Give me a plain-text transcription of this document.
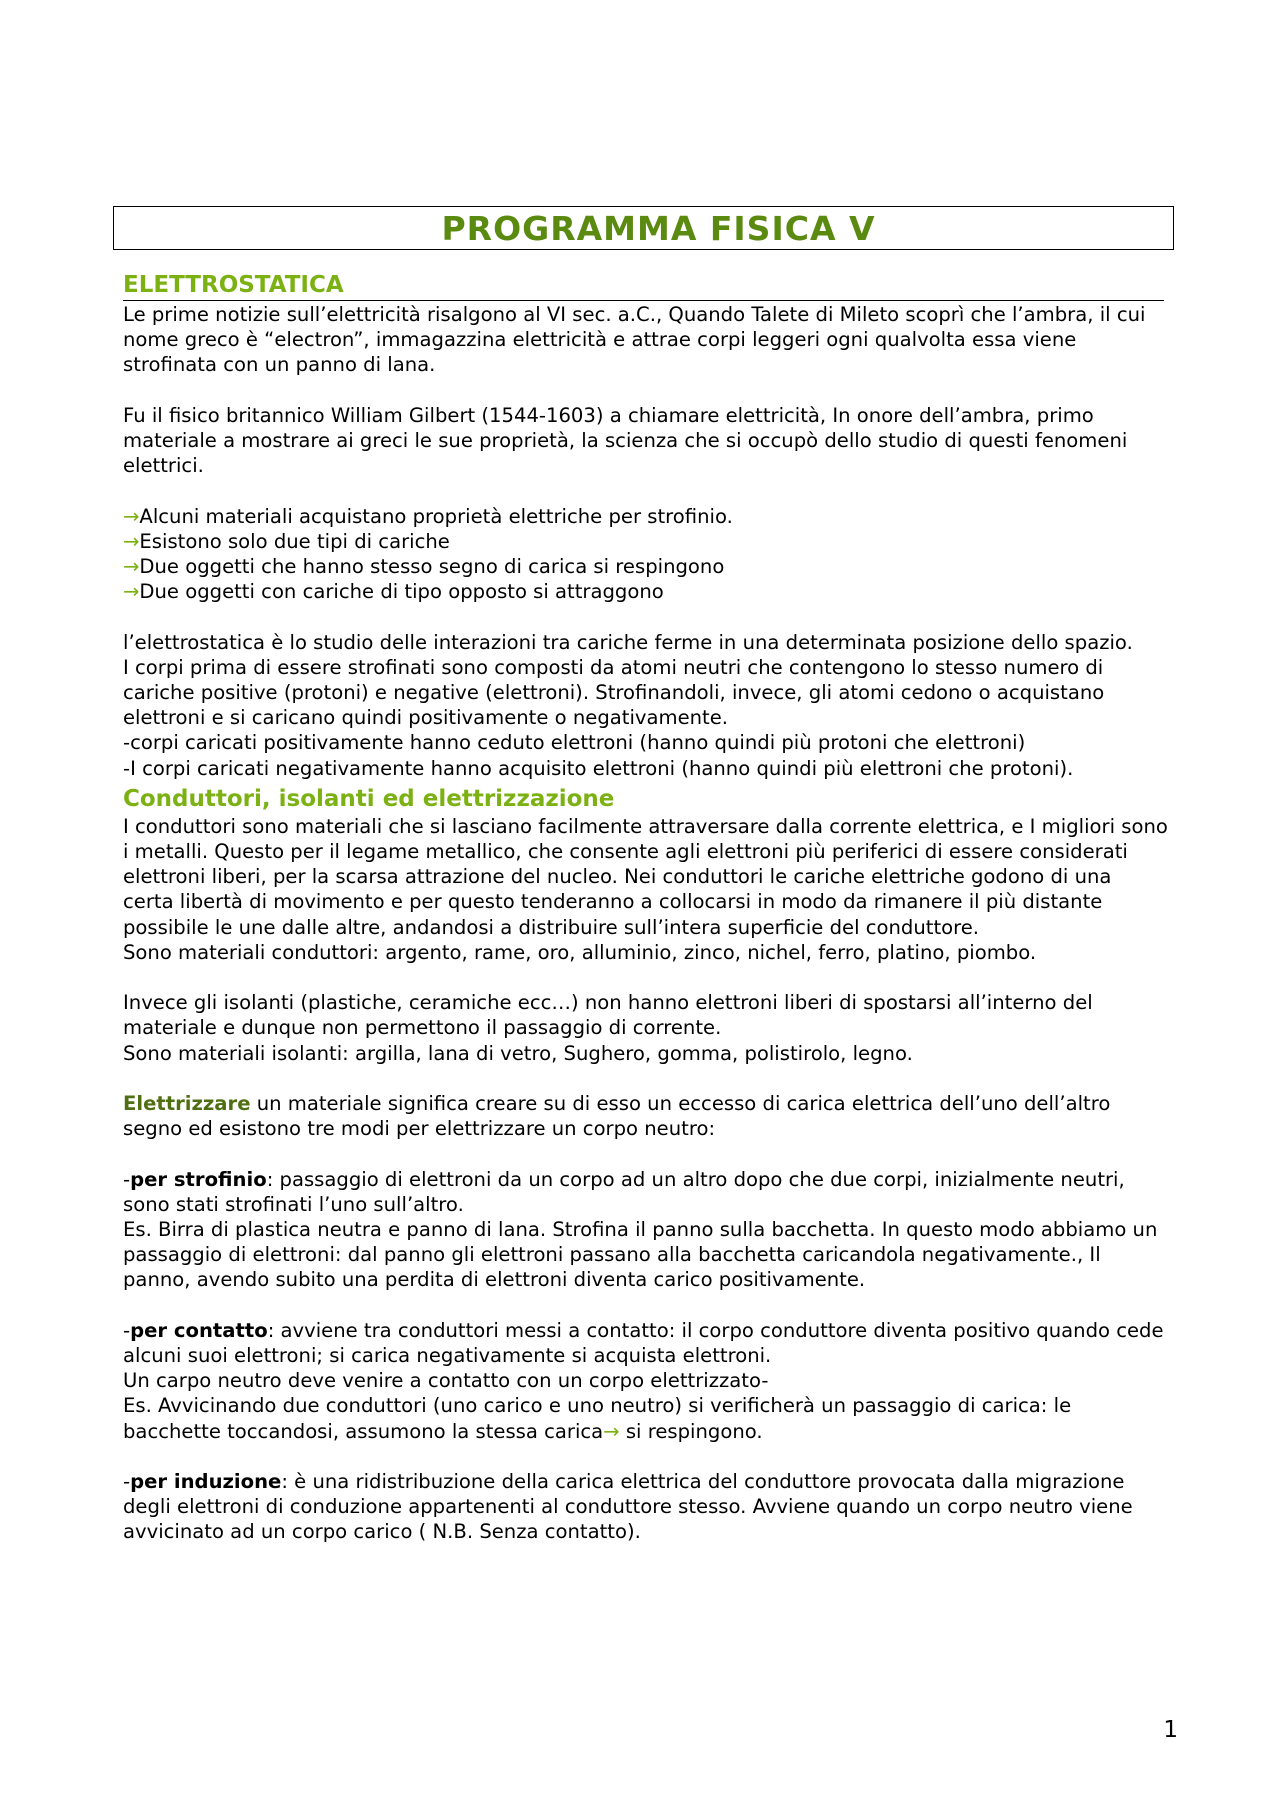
PROGRAMMA FISICA V
ELETTROSTATICA

Le prime notizie sull’elettricità risalgono al VI sec. a.C., Quando Talete di Mileto scoprì che l’ambra, il cui nome greco è “electron”, immagazzina elettricità e attrae corpi leggeri ogni qualvolta essa viene strofinata con un panno di lana.

Fu il fisico britannico William Gilbert (1544-1603) a chiamare elettricità, In onore dell’ambra, primo materiale a mostrare ai greci le sue proprietà, la scienza che si occupò dello studio di questi fenomeni elettrici.

→Alcuni materiali acquistano proprietà elettriche per strofinio.

→Esistono solo due tipi di cariche

→Due oggetti che hanno stesso segno di carica si respingono

→Due oggetti con cariche di tipo opposto si attraggono

l’elettrostatica è lo studio delle interazioni tra cariche ferme in una determinata posizione dello spazio.

I corpi prima di essere strofinati sono composti da atomi neutri che contengono lo stesso numero di cariche positive (protoni) e negative (elettroni). Strofinandoli, invece, gli atomi cedono o acquistano elettroni e si caricano quindi positivamente o negativamente.

-corpi caricati positivamente hanno ceduto elettroni (hanno quindi più protoni che elettroni)

-I corpi caricati negativamente hanno acquisito elettroni (hanno quindi più elettroni che protoni).

Conduttori, isolanti ed elettrizzazione

I conduttori sono materiali che si lasciano facilmente attraversare dalla corrente elettrica, e I migliori sono i metalli. Questo per il legame metallico, che consente agli elettroni più periferici di essere considerati elettroni liberi, per la scarsa attrazione del nucleo. Nei conduttori le cariche elettriche godono di una certa libertà di movimento e per questo tenderanno a collocarsi in modo da rimanere il più distante possibile le une dalle altre, andandosi a distribuire sull’intera superficie del conduttore.

Sono materiali conduttori: argento, rame, oro, alluminio, zinco, nichel, ferro, platino, piombo.

Invece gli isolanti (plastiche, ceramiche ecc…) non hanno elettroni liberi di spostarsi all’interno del materiale e dunque non permettono il passaggio di corrente.

Sono materiali isolanti: argilla, lana di vetro, Sughero, gomma, polistirolo, legno.

Elettrizzare un materiale significa creare su di esso un eccesso di carica elettrica dell’uno dell’altro segno ed esistono tre modi per elettrizzare un corpo neutro:

-per strofinio: passaggio di elettroni da un corpo ad un altro dopo che due corpi, inizialmente neutri, sono stati strofinati l’uno sull’altro.

Es. Birra di plastica neutra e panno di lana. Strofina il panno sulla bacchetta. In questo modo abbiamo un passaggio di elettroni: dal panno gli elettroni passano alla bacchetta caricandola negativamente., Il panno, avendo subito una perdita di elettroni diventa carico positivamente.

-per contatto: avviene tra conduttori messi a contatto: il corpo conduttore diventa positivo quando cede alcuni suoi elettroni; si carica negativamente si acquista elettroni.

Un carpo neutro deve venire a contatto con un corpo elettrizzato-

Es. Avvicinando due conduttori (uno carico e uno neutro) si verificherà un passaggio di carica: le bacchette toccandosi, assumono la stessa carica→ si respingono.

-per induzione: è una ridistribuzione della carica elettrica del conduttore provocata dalla migrazione degli elettroni di conduzione appartenenti al conduttore stesso. Avviene quando un corpo neutro viene avvicinato ad un corpo carico ( N.B. Senza contatto).

1
